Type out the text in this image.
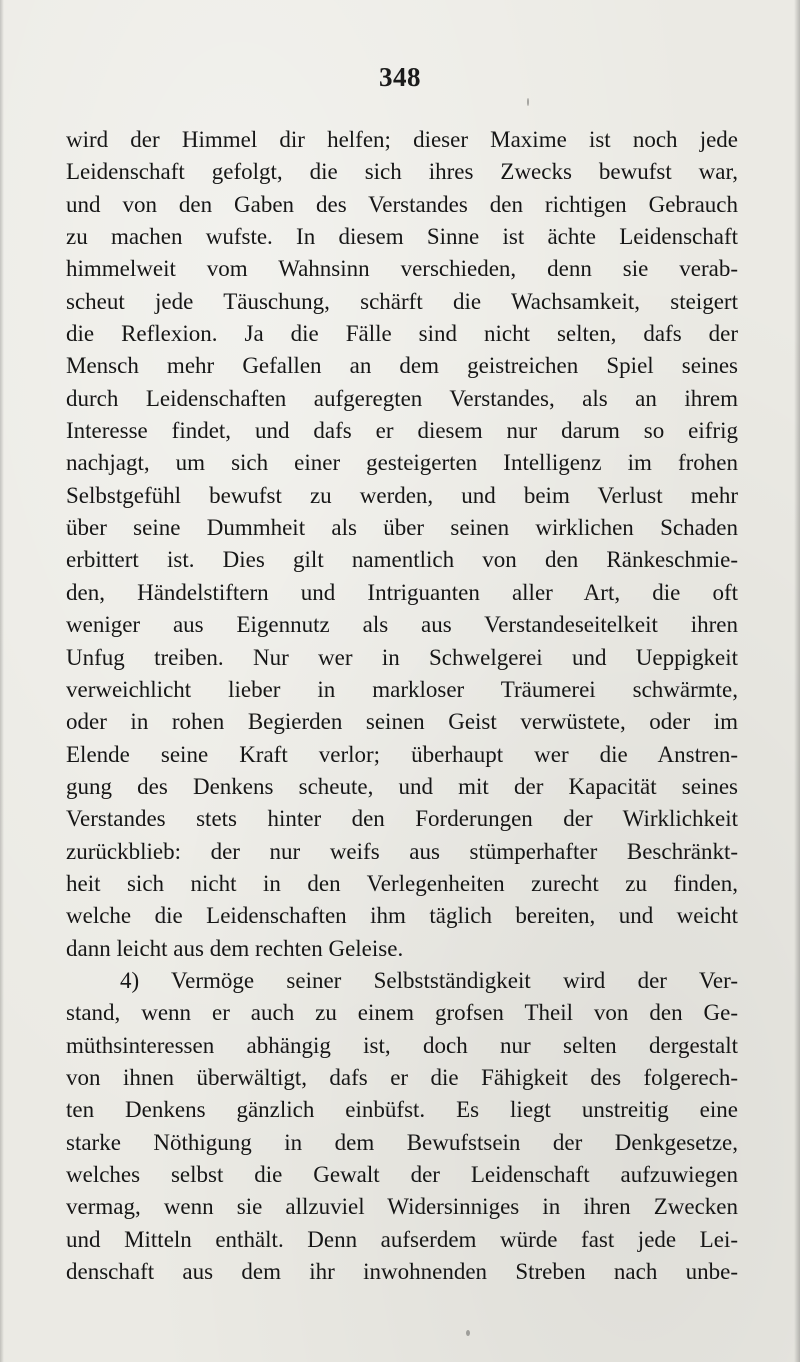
348
wird der Himmel dir helfen; dieser Maxime ist noch jede
Leidenschaft gefolgt, die sich ihres Zwecks bewufst war,
und von den Gaben des Verstandes den richtigen Gebrauch
zu machen wufste. In diesem Sinne ist ächte Leidenschaft
himmelweit vom Wahnsinn verschieden, denn sie verab-
scheut jede Täuschung, schärft die Wachsamkeit, steigert
die Reflexion. Ja die Fälle sind nicht selten, dafs der
Mensch mehr Gefallen an dem geistreichen Spiel seines
durch Leidenschaften aufgeregten Verstandes, als an ihrem
Interesse findet, und dafs er diesem nur darum so eifrig
nachjagt, um sich einer gesteigerten Intelligenz im frohen
Selbstgefühl bewufst zu werden, und beim Verlust mehr
über seine Dummheit als über seinen wirklichen Schaden
erbittert ist. Dies gilt namentlich von den Ränkeschmie-
den, Händelstiftern und Intriguanten aller Art, die oft
weniger aus Eigennutz als aus Verstandeseitelkeit ihren
Unfug treiben. Nur wer in Schwelgerei und Ueppigkeit
verweichlicht lieber in markloser Träumerei schwärmte,
oder in rohen Begierden seinen Geist verwüstete, oder im
Elende seine Kraft verlor; überhaupt wer die Anstren-
gung des Denkens scheute, und mit der Kapacität seines
Verstandes stets hinter den Forderungen der Wirklichkeit
zurückblieb: der nur weifs aus stümperhafter Beschränkt-
heit sich nicht in den Verlegenheiten zurecht zu finden,
welche die Leidenschaften ihm täglich bereiten, und weicht
dann leicht aus dem rechten Geleise.
4) Vermöge seiner Selbstständigkeit wird der Ver-
stand, wenn er auch zu einem grofsen Theil von den Ge-
müthsinteressen abhängig ist, doch nur selten dergestalt
von ihnen überwältigt, dafs er die Fähigkeit des folgerech-
ten Denkens gänzlich einbüfst. Es liegt unstreitig eine
starke Nöthigung in dem Bewufstsein der Denkgesetze,
welches selbst die Gewalt der Leidenschaft aufzuwiegen
vermag, wenn sie allzuviel Widersinniges in ihren Zwecken
und Mitteln enthält. Denn aufserdem würde fast jede Lei-
denschaft aus dem ihr inwohnenden Streben nach unbe-
